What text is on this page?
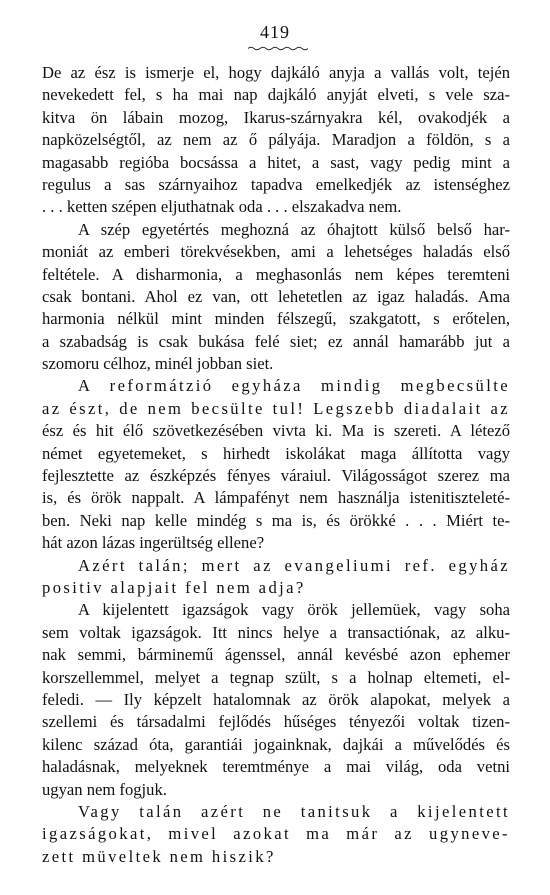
419
De az ész is ismerje el, hogy dajkáló anyja a vallás volt, tején
nevekedett fel, s ha mai nap dajkáló anyját elveti, s vele sza-
kitva ön lábain mozog, Ikarus-szárnyakra kél, ovakodjék a
napközelségtől, az nem az ő pályája. Maradjon a földön, s a
magasabb regióba bocsássa a hitet, a sast, vagy pedig mint a
regulus a sas szárnyaihoz tapadva emelkedjék az istenséghez
. . . ketten szépen eljuthatnak oda . . . elszakadva nem.
A szép egyetértés meghozná az óhajtott külső belső har-
moniát az emberi törekvésekben, ami a lehetséges haladás első
feltétele. A disharmonia, a meghasonlás nem képes teremteni
csak bontani. Ahol ez van, ott lehetetlen az igaz haladás. Ama
harmonia nélkül mint minden félszegű, szakgatott, s erőtelen,
a szabadság is csak bukása felé siet; ez annál hamarább jut a
szomoru célhoz, minél jobban siet.
A reformátzió egyháza mindig megbecsülte
az észt, de nem becsülte tul! Legszebb diadalait az
ész és hit élő szövetkezésében vivta ki. Ma is szereti. A létező
német egyetemeket, s hirhedt iskolákat maga állította vagy
fejlesztette az észképzés fényes váraiul. Világosságot szerez ma
is, és örök nappalt. A lámpafényt nem használja istenitiszteleté-
ben. Neki nap kelle mindég s ma is, és örökké . . . Miért te-
hát azon lázas ingerültség ellene?
Azért talán; mert az evangeliumi ref. egyház
positiv alapjait fel nem adja?
A kijelentett igazságok vagy örök jellemüek, vagy soha
sem voltak igazságok. Itt nincs helye a transactiónak, az alku-
nak semmi, bárminemű ágenssel, annál kevésbé azon ephemer
korszellemmel, melyet a tegnap szült, s a holnap eltemeti, el-
feledi. — Ily képzelt hatalomnak az örök alapokat, melyek a
szellemi és társadalmi fejlődés hűséges tényezői voltak tizen-
kilenc század óta, garantiái jogainknak, dajkái a művelődés és
haladásnak, melyeknek teremtménye a mai világ, oda vetni
ugyan nem fogjuk.
Vagy talán azért ne tanitsuk a kijelentett
igazságokat, mivel azokat ma már az ugyneve-
zett müveltek nem hiszik?
